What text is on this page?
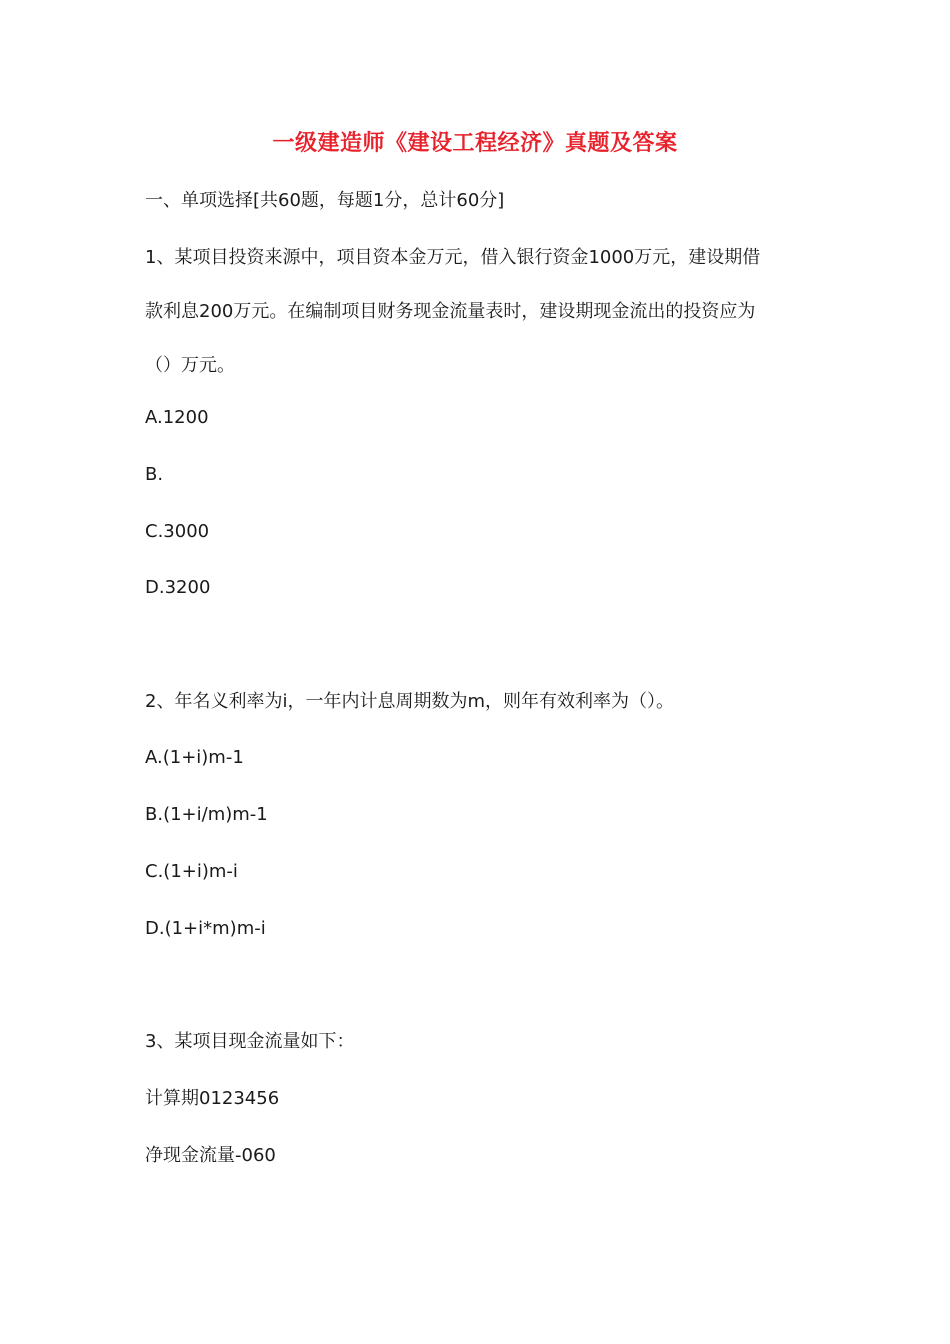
一级建造师《建设工程经济》真题及答案
一、单项选择[共60题，每题1分，总计60分]
1、某项目投资来源中，项目资本金万元，借入银行资金1000万元，建设期借
款利息200万元。在编制项目财务现金流量表时，建设期现金流出的投资应为
（）万元。
A.1200
B.
C.3000
D.3200
2、年名义利率为i，一年内计息周期数为m，则年有效利率为（）。
A.(1+i)m-1
B.(1+i/m)m-1
C.(1+i)m-i
D.(1+i*m)m-i
3、某项目现金流量如下：
计算期0123456
净现金流量-060
